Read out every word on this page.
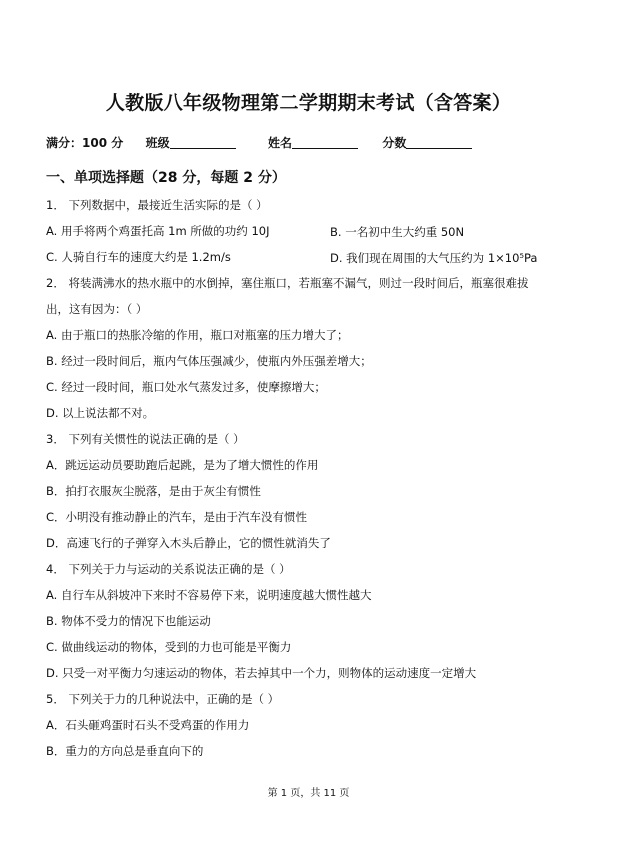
人教版八年级物理第二学期期末考试（含答案）
满分：100 分 班级	姓名	分数
一、单项选择题（28 分，每题 2 分）
1． 下列数据中，最接近生活实际的是（ ）
A. 用手将两个鸡蛋托高 1m 所做的功约 10J	B. 一名初中生大约重 50N
C. 人骑自行车的速度大约是 1.2m/s	D. 我们现在周围的大气压约为 1×10⁵Pa
2． 将装满沸水的热水瓶中的水倒掉，塞住瓶口，若瓶塞不漏气，则过一段时间后，瓶塞很难拔
出，这有因为：（ ）
A. 由于瓶口的热胀冷缩的作用，瓶口对瓶塞的压力增大了；
B. 经过一段时间后，瓶内气体压强减少，使瓶内外压强差增大；
C. 经过一段时间，瓶口处水气蒸发过多，使摩擦增大；
D. 以上说法都不对。
3． 下列有关惯性的说法正确的是（ ）
A．跳远运动员要助跑后起跳，是为了增大惯性的作用
B．拍打衣服灰尘脱落，是由于灰尘有惯性
C．小明没有推动静止的汽车，是由于汽车没有惯性
D．高速飞行的子弹穿入木头后静止，它的惯性就消失了
4． 下列关于力与运动的关系说法正确的是（ ）
A. 自行车从斜坡冲下来时不容易停下来，说明速度越大惯性越大
B. 物体不受力的情况下也能运动
C. 做曲线运动的物体，受到的力也可能是平衡力
D. 只受一对平衡力匀速运动的物体，若去掉其中一个力，则物体的运动速度一定增大
5． 下列关于力的几种说法中，正确的是（ ）
A．石头砸鸡蛋时石头不受鸡蛋的作用力
B．重力的方向总是垂直向下的
第 1 页，共 11 页
